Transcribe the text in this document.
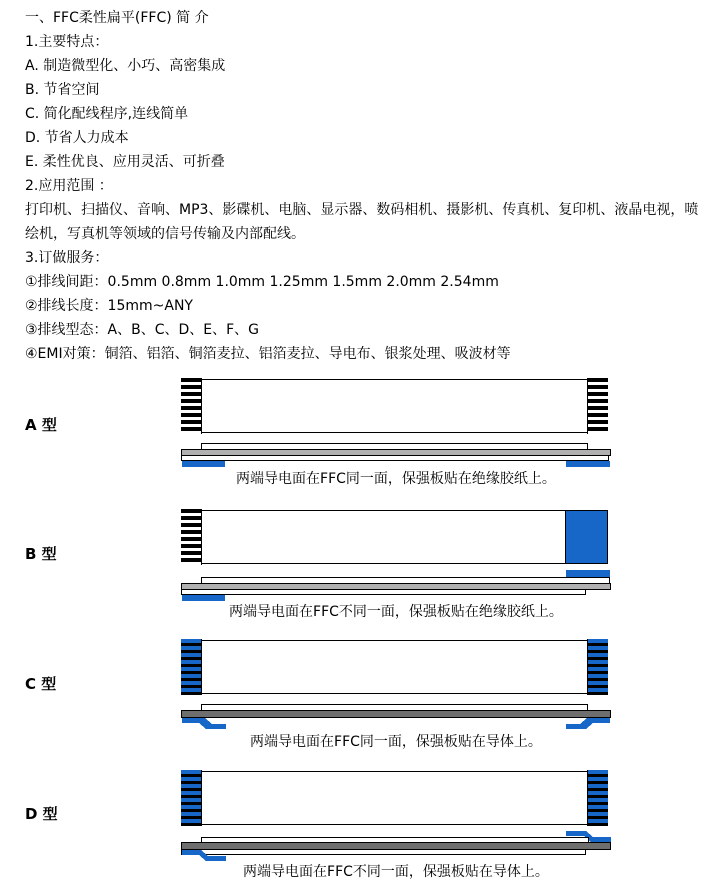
一、FFC柔性扁平(FFC) 简 介

1.主要特点：

A. 制造微型化、小巧、高密集成

B. 节省空间

C. 简化配线程序,连线简单

D. 节省人力成本

E. 柔性优良、应用灵活、可折叠

2.应用范围 ：

打印机、扫描仪、音响、MP3、影碟机、电脑、显示器、数码相机、摄影机、传真机、复印机、液晶电视，喷绘机，写真机等领域的信号传输及内部配线。

3.订做服务：

①排线间距：0.5mm 0.8mm 1.0mm 1.25mm 1.5mm 2.0mm 2.54mm

②排线长度：15mm~ANY

③排线型态：A、B、C、D、E、F、G

④EMI对策：铜箔、铝箔、铜箔麦拉、铝箔麦拉、导电布、银浆处理、吸波材等

A 型
两端导电面在FFC同一面，保强板贴在绝缘胶纸上。
B 型
两端导电面在FFC不同一面，保强板贴在绝缘胶纸上。
C 型
两端导电面在FFC同一面，保强板贴在导体上。
D 型
两端导电面在FFC不同一面，保强板贴在导体上。
